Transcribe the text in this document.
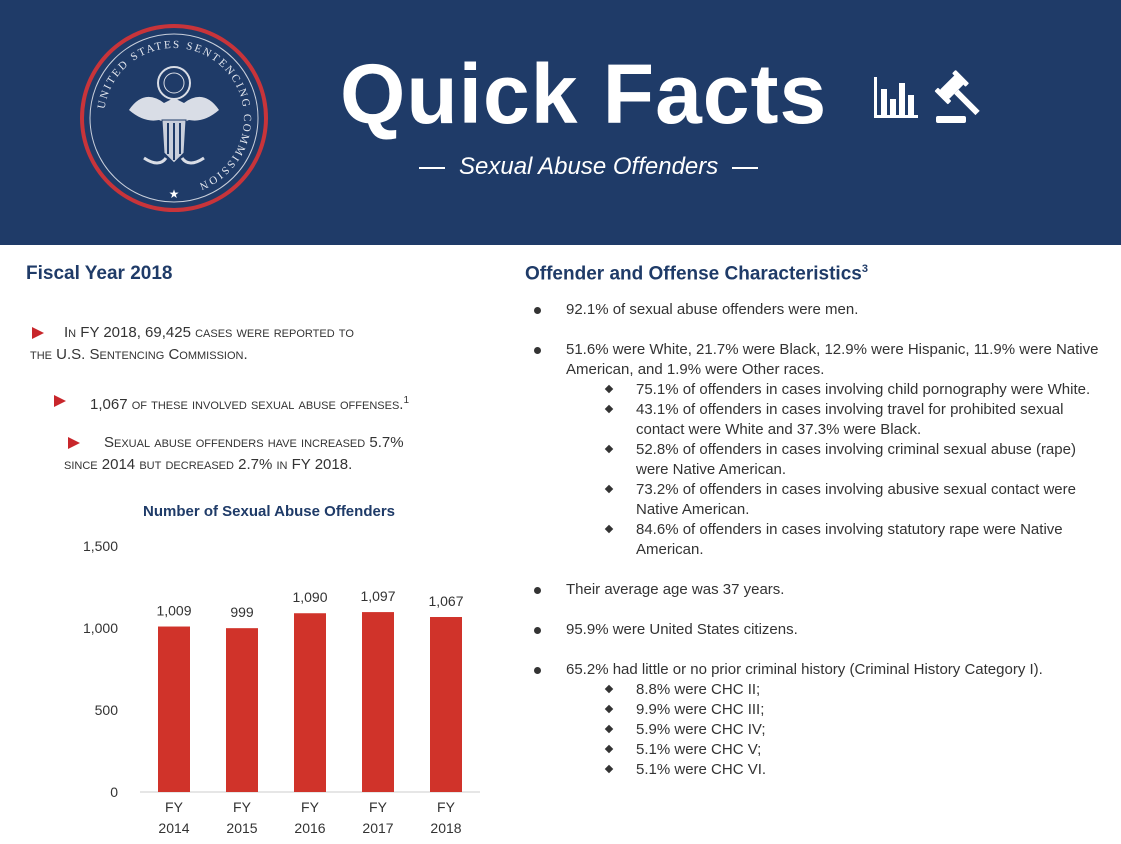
UNITED STATES SENTENCING COMMISSION
★
Quick Facts
Sexual Abuse Offenders
Fiscal Year 2018
In FY 2018, 69,425 cases were reported to
the U.S. Sentencing Commission.
1,067 of these involved sexual abuse offenses.$^1$
Sexual abuse offenders have increased 5.7%
since 2014 but decreased 2.7% in FY 2018.
Number of Sexual Abuse Offenders
0
500
1,000
1,500
1,009
FY
2014
999
FY
2015
1,090
FY
2016
1,097
FY
2017
1,067
FY
2018
Offender and Offense Characteristics$^3$
92.1% of sexual abuse offenders were men.
51.6% were White, 21.7% were Black, 12.9% were Hispanic, 11.9% were Native American, and 1.9% were Other races.
75.1% of offenders in cases involving child pornography were White.
43.1% of offenders in cases involving travel for prohibited sexual contact were White and 37.3% were Black.
52.8% of offenders in cases involving criminal sexual abuse (rape) were Native American.
73.2% of offenders in cases involving abusive sexual contact were Native American.
84.6% of offenders in cases involving statutory rape were Native American.
Their average age was 37 years.
95.9% were United States citizens.
65.2% had little or no prior criminal history (Criminal History Category I).
8.8% were CHC II;
9.9% were CHC III;
5.9% were CHC IV;
5.1% were CHC V;
5.1% were CHC VI.
